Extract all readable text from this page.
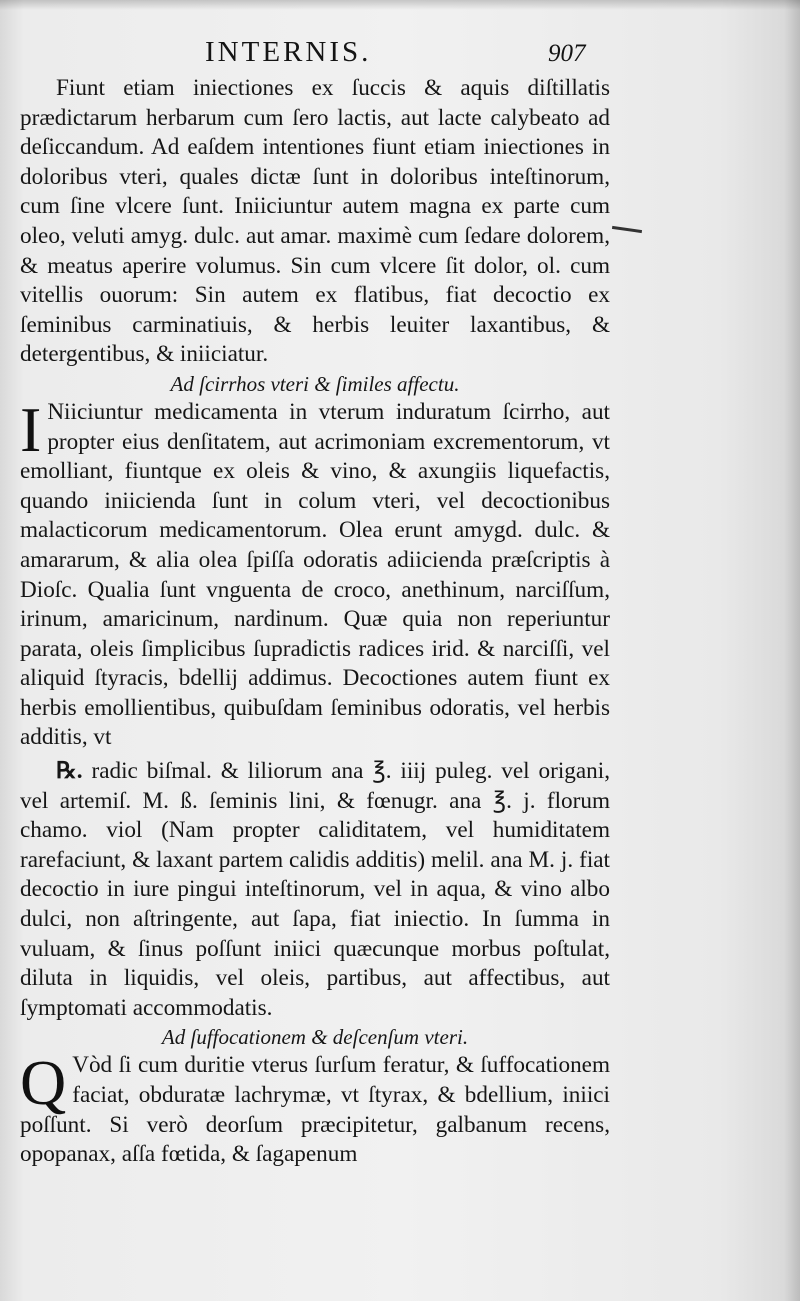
INTERNIS.	907

Fiunt etiam iniectiones ex ſuccis & aquis diſtillatis prædictarum herbarum cum ſero lactis, aut lacte calybeato ad deſiccandum. Ad eaſdem intentiones fiunt etiam iniectiones in doloribus vteri, quales dictæ ſunt in doloribus inteſtinorum, cum ſine vlcere ſunt. Iniiciuntur autem magna ex parte cum oleo, veluti amyg. dulc. aut amar. maximè cum ſedare dolorem, & meatus aperire volumus. Sin cum vlcere ſit dolor, ol. cum vitellis ouorum: Sin autem ex flatibus, fiat decoctio ex ſeminibus carminatiuis, & herbis leuiter laxantibus, & detergentibus, & iniiciatur.

Ad ſcirrhos vteri & ſimiles affectu.

I Niiciuntur medicamenta in vterum induratum ſcirrho, aut propter eius denſitatem, aut acrimoniam excrementorum, vt emolliant, fiuntque ex oleis & vino, & axungiis liquefactis, quando iniicienda ſunt in colum vteri, vel decoctionibus malacticorum medicamentorum. Olea erunt amygd. dulc. & amararum, & alia olea ſpiſſa odoratis adiicienda præſcriptis à Dioſc. Qualia ſunt vnguenta de croco, anethinum, narciſſum, irinum, amaricinum, nardinum. Quæ quia non reperiuntur parata, oleis ſimplicibus ſupradictis radices irid. & narciſſi, vel aliquid ſtyracis, bdellij addimus. Decoctiones autem fiunt ex herbis emollientibus, quibuſdam ſeminibus odoratis, vel herbis additis, vt

℞. radic biſmal. & liliorum ana ℥. iiij puleg. vel origani, vel artemiſ. M. ß. ſeminis lini, & fœnugr. ana ℥. j. florum chamo. viol (Nam propter caliditatem, vel humiditatem rarefaciunt, & laxant partem calidis additis) melil. ana M. j. fiat decoctio in iure pingui inteſtinorum, vel in aqua, & vino albo dulci, non aſtringente, aut ſapa, fiat iniectio. In ſumma in vuluam, & ſinus poſſunt iniici quæcunque morbus poſtulat, diluta in liquidis, vel oleis, partibus, aut affectibus, aut ſymptomati accommodatis.

Ad ſuffocationem & deſcenſum vteri.

Q Vòd ſi cum duritie vterus ſurſum feratur, & ſuffocationem faciat, obduratæ lachrymæ, vt ſtyrax, & bdellium, iniici poſſunt. Si verò deorſum præcipitetur, galbanum recens, opopanax, aſſa fœtida, & ſagapenum
